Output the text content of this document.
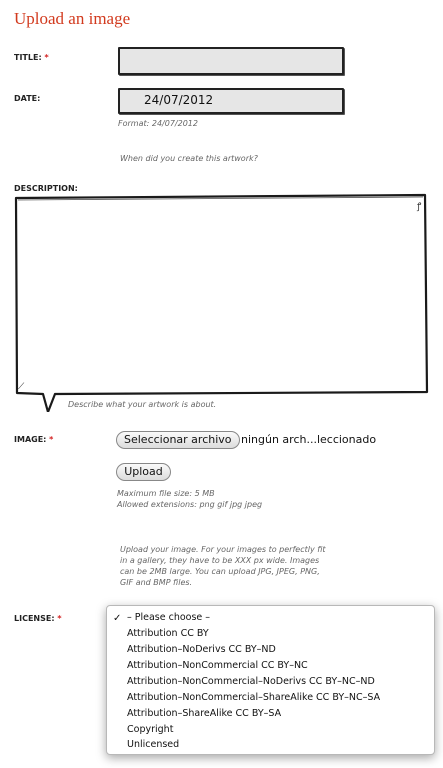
Upload an image
TITLE: *
DATE:	24/07/2012
Format: 24/07/2012
When did you create this artwork?
DESCRIPTION:
⟋
ꝭ
Describe what your artwork is about.
IMAGE: *	Seleccionar archivo ningún arch...leccionado
Upload
Maximum file size: 5 MB
Allowed extensions: png gif jpg jpeg
Upload your image. For your images to perfectly fit
in a gallery, they have to be XXX px wide. Images
can be 2MB large. You can upload JPG, JPEG, PNG,
GIF and BMP files.
LICENSE: *	✓ – Please choose –
Attribution CC BY
Attribution–NoDerivs CC BY–ND
Attribution–NonCommercial CC BY–NC
Attribution–NonCommercial–NoDerivs CC BY–NC–ND
Attribution–NonCommercial–ShareAlike CC BY–NC–SA
Attribution–ShareAlike CC BY–SA
Copyright
Unlicensed
